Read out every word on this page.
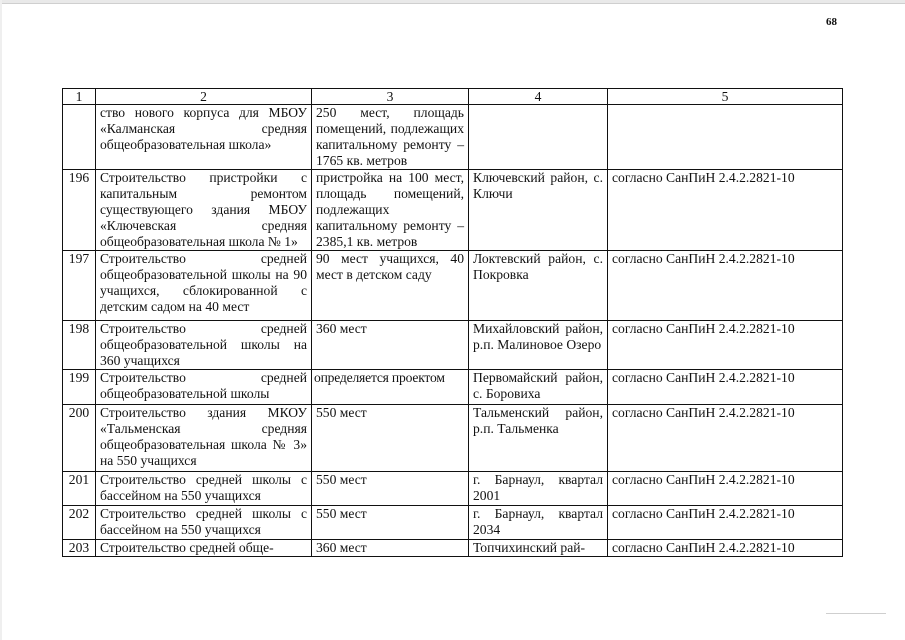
68
1	2	3	4	5
	ство нового корпуса для МБОУ «Калманская средняя общеобразовательная школа»	250 мест, площадь помещений, подлежащих капитальному ремонту – 1765 кв. метров		
196	Строительство пристройки с капитальным ремонтом существующего здания МБОУ «Ключевская средняя общеобразовательная школа № 1»	пристройка на 100 мест, площадь помещений, подлежащих капитальному ремонту – 2385,1 кв. метров	Ключевский район, с. Ключи	согласно СанПиН 2.4.2.2821-10
197	Строительство средней общеобразовательной школы на 90 учащихся, сблокированной с детским садом на 40 мест	90 мест учащихся, 40 мест в детском саду	Локтевский район, с. Покровка	согласно СанПиН 2.4.2.2821-10
198	Строительство средней общеобразовательной школы на 360 учащихся	360 мест	Михайловский район, р.п. Малиновое Озеро	согласно СанПиН 2.4.2.2821-10
199	Строительство средней общеобразовательной школы	определяется проектом	Первомайский район, с. Боровиха	согласно СанПиН 2.4.2.2821-10
200	Строительство здания МКОУ «Тальменская средняя общеобразовательная школа № 3» на 550 учащихся	550 мест	Тальменский район, р.п. Тальменка	согласно СанПиН 2.4.2.2821-10
201	Строительство средней школы с бассейном на 550 учащихся	550 мест	г. Барнаул, квартал 2001	согласно СанПиН 2.4.2.2821-10
202	Строительство средней школы с бассейном на 550 учащихся	550 мест	г. Барнаул, квартал 2034	согласно СанПиН 2.4.2.2821-10
203	Строительство средней обще-	360 мест	Топчихинский рай-	согласно СанПиН 2.4.2.2821-10
